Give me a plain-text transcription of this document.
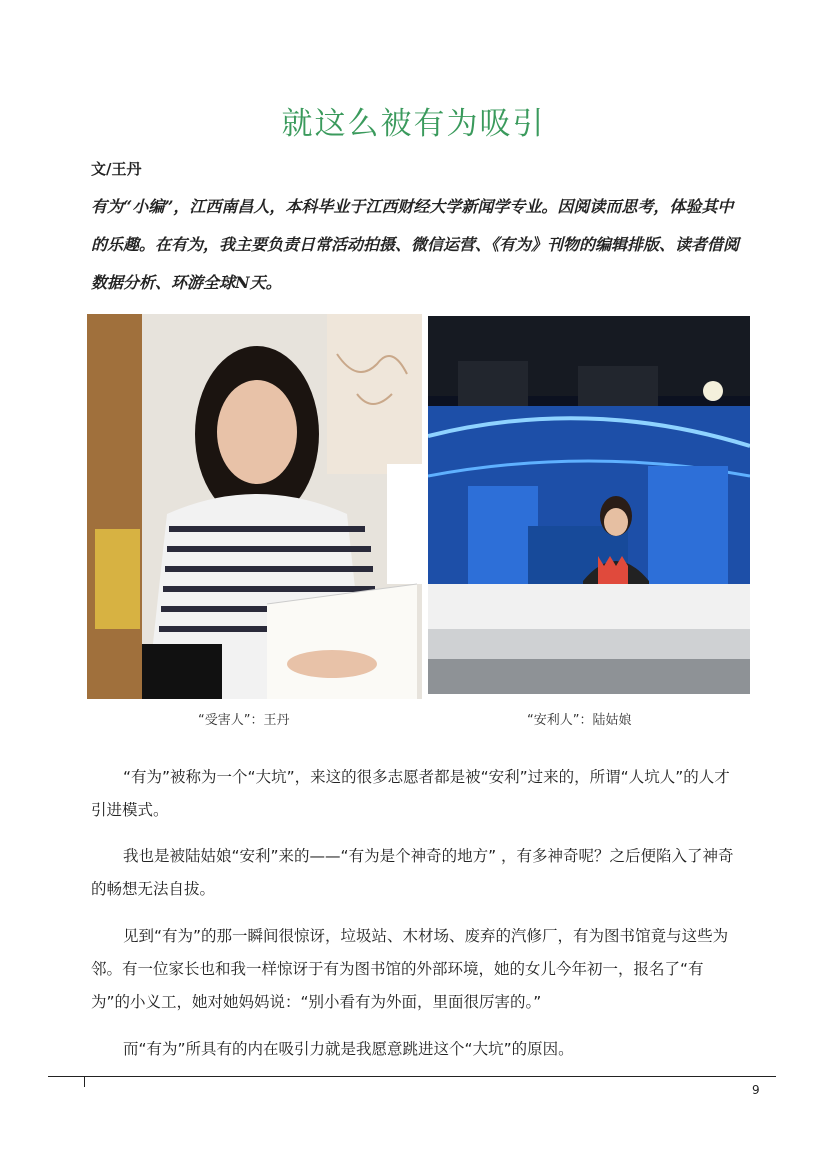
就这么被有为吸引
文/王丹
有为“小编”，江西南昌人，本科毕业于江西财经大学新闻学专业。因阅读而思考，体验其中的乐趣。在有为，我主要负责日常活动拍摄、微信运营、《有为》刊物的编辑排版、读者借阅数据分析、环游全球N天。
“受害人”：王丹	“安利人”：陆姑娘
“有为”被称为一个“大坑”，来这的很多志愿者都是被“安利”过来的，所谓“人坑人”的人才引进模式。
我也是被陆姑娘“安利”来的——“有为是个神奇的地方” ，有多神奇呢？之后便陷入了神奇的畅想无法自拔。
见到“有为”的那一瞬间很惊讶，垃圾站、木材场、废弃的汽修厂，有为图书馆竟与这些为邻。有一位家长也和我一样惊讶于有为图书馆的外部环境，她的女儿今年初一，报名了“有为”的小义工，她对她妈妈说：“别小看有为外面，里面很厉害的。”
而“有为”所具有的内在吸引力就是我愿意跳进这个“大坑”的原因。
9
